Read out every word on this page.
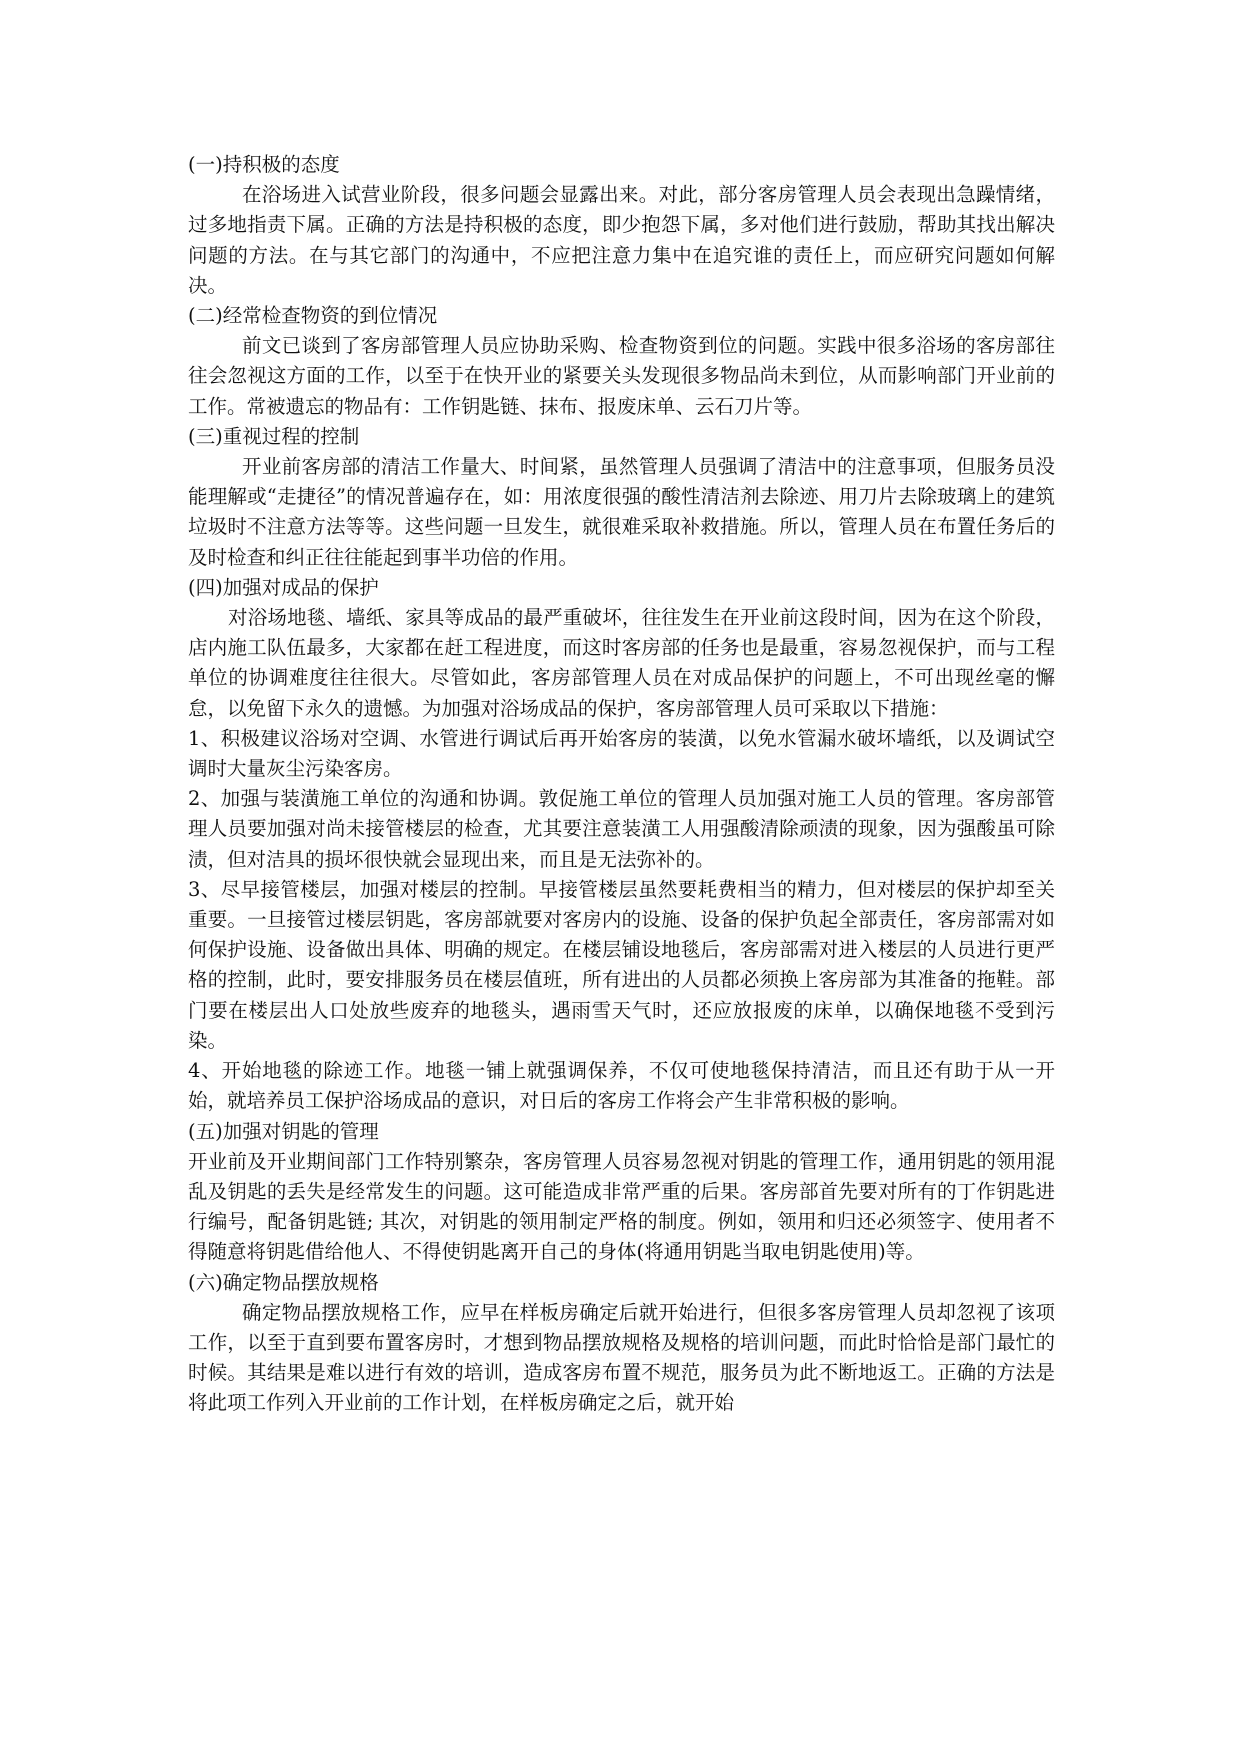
(一)持积极的态度

在浴场进入试营业阶段，很多问题会显露出来。对此，部分客房管理人员会表现出急躁情绪，过多地指责下属。正确的方法是持积极的态度，即少抱怨下属，多对他们进行鼓励，帮助其找出解决问题的方法。在与其它部门的沟通中，不应把注意力集中在追究谁的责任上，而应研究问题如何解决。

(二)经常检查物资的到位情况

前文已谈到了客房部管理人员应协助采购、检查物资到位的问题。实践中很多浴场的客房部往往会忽视这方面的工作，以至于在快开业的紧要关头发现很多物品尚未到位，从而影响部门开业前的工作。常被遗忘的物品有：工作钥匙链、抹布、报废床单、云石刀片等。

(三)重视过程的控制

开业前客房部的清洁工作量大、时间紧，虽然管理人员强调了清洁中的注意事项，但服务员没能理解或“走捷径”的情况普遍存在，如：用浓度很强的酸性清洁剂去除迹、用刀片去除玻璃上的建筑垃圾时不注意方法等等。这些问题一旦发生，就很难采取补救措施。所以，管理人员在布置任务后的及时检查和纠正往往能起到事半功倍的作用。

(四)加强对成品的保护

对浴场地毯、墙纸、家具等成品的最严重破坏，往往发生在开业前这段时间，因为在这个阶段，店内施工队伍最多，大家都在赶工程进度，而这时客房部的任务也是最重，容易忽视保护，而与工程单位的协调难度往往很大。尽管如此，客房部管理人员在对成品保护的问题上，不可出现丝毫的懈怠，以免留下永久的遗憾。为加强对浴场成品的保护，客房部管理人员可采取以下措施：

1、积极建议浴场对空调、水管进行调试后再开始客房的装潢，以免水管漏水破坏墙纸，以及调试空调时大量灰尘污染客房。

2、加强与装潢施工单位的沟通和协调。敦促施工单位的管理人员加强对施工人员的管理。客房部管理人员要加强对尚未接管楼层的检查，尤其要注意装潢工人用强酸清除顽渍的现象，因为强酸虽可除渍，但对洁具的损坏很快就会显现出来，而且是无法弥补的。

3、尽早接管楼层，加强对楼层的控制。早接管楼层虽然要耗费相当的精力，但对楼层的保护却至关重要。一旦接管过楼层钥匙，客房部就要对客房内的设施、设备的保护负起全部责任，客房部需对如何保护设施、设备做出具体、明确的规定。在楼层铺设地毯后，客房部需对进入楼层的人员进行更严格的控制，此时，要安排服务员在楼层值班，所有进出的人员都必须换上客房部为其准备的拖鞋。部门要在楼层出人口处放些废弃的地毯头，遇雨雪天气时，还应放报废的床单，以确保地毯不受到污染。

4、开始地毯的除迹工作。地毯一铺上就强调保养，不仅可使地毯保持清洁，而且还有助于从一开始，就培养员工保护浴场成品的意识，对日后的客房工作将会产生非常积极的影响。

(五)加强对钥匙的管理

开业前及开业期间部门工作特别繁杂，客房管理人员容易忽视对钥匙的管理工作，通用钥匙的领用混乱及钥匙的丢失是经常发生的问题。这可能造成非常严重的后果。客房部首先要对所有的丁作钥匙进行编号，配备钥匙链; 其次，对钥匙的领用制定严格的制度。例如，领用和归还必须签字、使用者不得随意将钥匙借给他人、不得使钥匙离开自己的身体(将通用钥匙当取电钥匙使用)等。

(六)确定物品摆放规格

确定物品摆放规格工作，应早在样板房确定后就开始进行，但很多客房管理人员却忽视了该项工作，以至于直到要布置客房时，才想到物品摆放规格及规格的培训问题，而此时恰恰是部门最忙的时候。其结果是难以进行有效的培训，造成客房布置不规范，服务员为此不断地返工。正确的方法是将此项工作列入开业前的工作计划，在样板房确定之后，就开始
